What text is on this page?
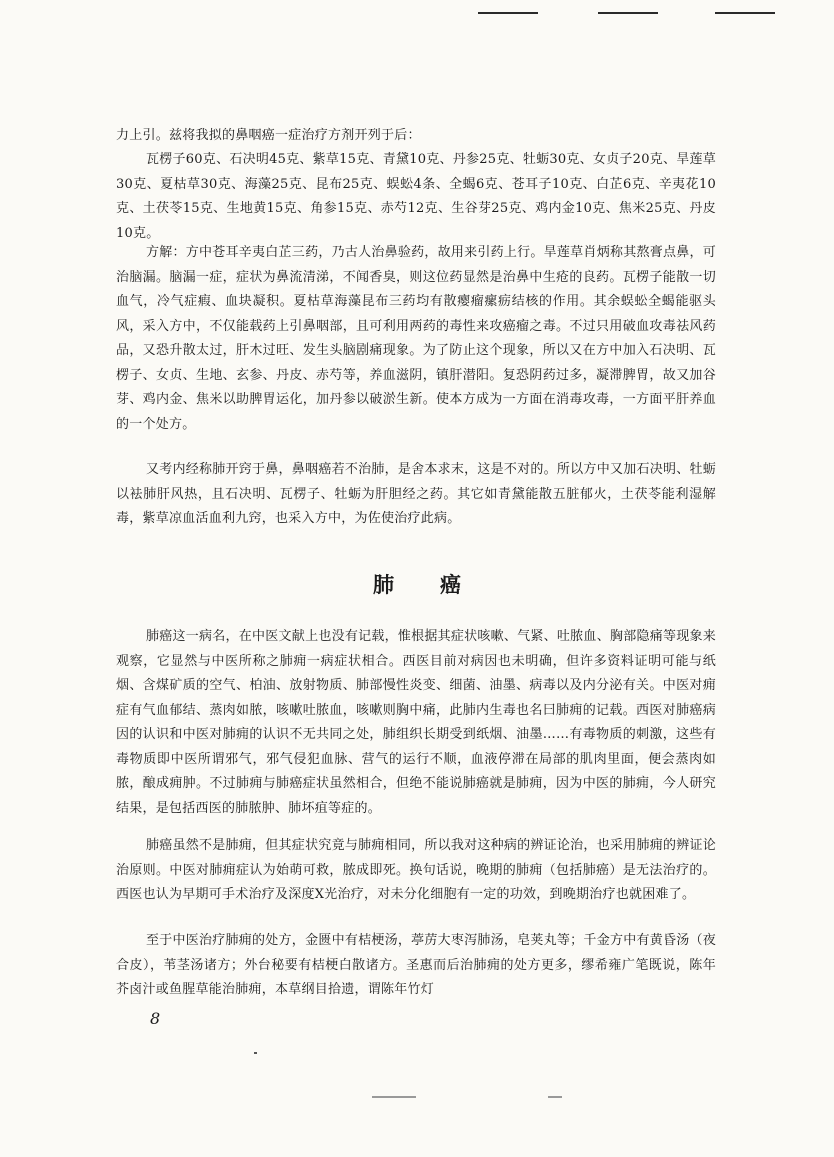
力上引。兹将我拟的鼻咽癌一症治疗方剂开列于后：

瓦楞子60克、石决明45克、紫草15克、青黛10克、丹参25克、牡蛎30克、女贞子20克、旱莲草30克、夏枯草30克、海藻25克、昆布25克、蜈蚣4条、全蝎6克、苍耳子10克、白芷6克、辛夷花10克、土茯苓15克、生地黄15克、角参15克、赤芍12克、生谷芽25克、鸡内金10克、焦米25克、丹皮10克。

方解：方中苍耳辛夷白芷三药，乃古人治鼻验药，故用来引药上行。旱莲草肖炳称其熬膏点鼻，可治脑漏。脑漏一症，症状为鼻流清涕，不闻香臭，则这位药显然是治鼻中生疮的良药。瓦楞子能散一切血气，冷气症瘕、血块凝积。夏枯草海藻昆布三药均有散瘿瘤瘰疬结核的作用。其余蜈蚣全蝎能驱头风，采入方中，不仅能载药上引鼻咽部，且可利用两药的毒性来攻癌瘤之毒。不过只用破血攻毒祛风药品，又恐升散太过，肝木过旺、发生头脑剧痛现象。为了防止这个现象，所以又在方中加入石决明、瓦楞子、女贞、生地、玄参、丹皮、赤芍等，养血滋阴，镇肝潜阳。复恐阴药过多，凝滞脾胃，故又加谷芽、鸡内金、焦米以助脾胃运化，加丹参以破淤生新。使本方成为一方面在消毒攻毒，一方面平肝养血的一个处方。

又考内经称肺开窍于鼻，鼻咽癌若不治肺，是舍本求末，这是不对的。所以方中又加石决明、牡蛎以袪肺肝风热，且石决明、瓦楞子、牡蛎为肝胆经之药。其它如青黛能散五脏郁火，土茯苓能利湿解毒，紫草凉血活血利九窍，也采入方中，为佐使治疗此病。

肺癌

肺癌这一病名，在中医文献上也没有记载，惟根据其症状咳嗽、气紧、吐脓血、胸部隐痛等现象来观察，它显然与中医所称之肺痈一病症状相合。西医目前对病因也未明确，但许多资料证明可能与纸烟、含煤矿质的空气、柏油、放射物质、肺部慢性炎变、细菌、油墨、病毒以及内分泌有关。中医对痈症有气血郁结、蒸肉如脓，咳嗽吐脓血，咳嗽则胸中痛，此肺内生毒也名曰肺痈的记载。西医对肺癌病因的认识和中医对肺痈的认识不无共同之处，肺组织长期受到纸烟、油墨……有毒物质的刺激，这些有毒物质即中医所谓邪气，邪气侵犯血脉、营气的运行不顺，血液停滞在局部的肌肉里面，便会蒸肉如脓，酿成痈肿。不过肺痈与肺癌症状虽然相合，但绝不能说肺癌就是肺痈，因为中医的肺痈，今人研究结果，是包括西医的肺脓肿、肺坏疽等症的。

肺癌虽然不是肺痈，但其症状究竟与肺痈相同，所以我对这种病的辨证论治，也采用肺痈的辨证论治原则。中医对肺痈症认为始萌可救，脓成即死。换句话说，晚期的肺痈（包括肺癌）是无法治疗的。西医也认为早期可手术治疗及深度X光治疗，对未分化细胞有一定的功效，到晚期治疗也就困难了。

至于中医治疗肺痈的处方，金匮中有桔梗汤，葶苈大枣泻肺汤，皂荚丸等；千金方中有黄昏汤（夜合皮），苇茎汤诸方；外台秘要有桔梗白散诸方。圣惠而后治肺痈的处方更多，缪希雍广笔既说，陈年芥卤汁或鱼腥草能治肺痈，本草纲目拾遗，谓陈年竹灯

8
